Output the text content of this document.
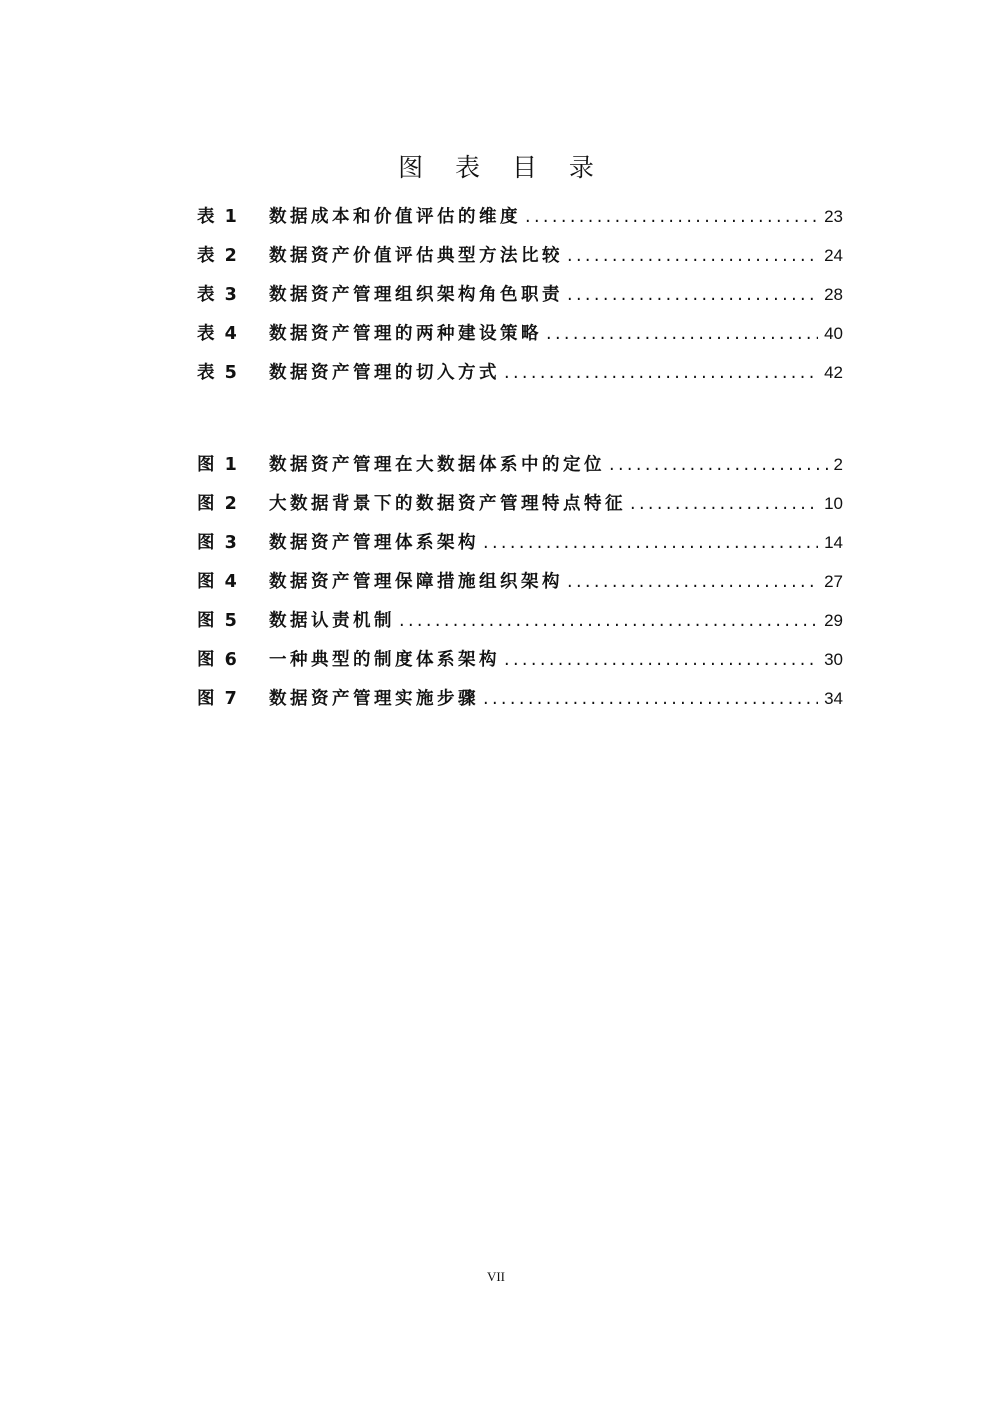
图 表 目 录
表 1	数据成本和价值评估的维度 .....	23
表 2	数据资产价值评估典型方法比较 .....	24
表 3	数据资产管理组织架构角色职责 .....	28
表 4	数据资产管理的两种建设策略 .....	40
表 5	数据资产管理的切入方式 .....	42
图 1	数据资产管理在大数据体系中的定位 .....	2
图 2	大数据背景下的数据资产管理特点特征 .....	10
图 3	数据资产管理体系架构 .....	14
图 4	数据资产管理保障措施组织架构 .....	27
图 5	数据认责机制 .....	29
图 6	一种典型的制度体系架构 .....	30
图 7	数据资产管理实施步骤 .....	34
VII
